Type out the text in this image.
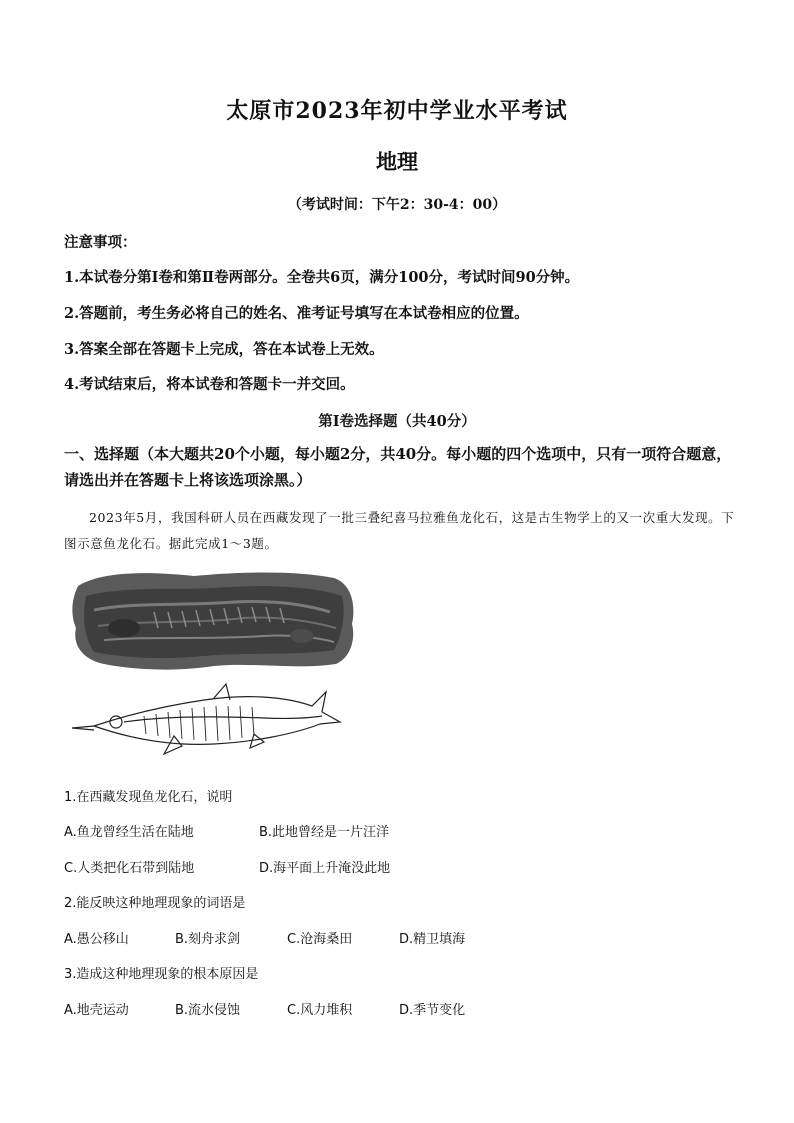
太原市2023年初中学业水平考试
地理
（考试时间：下午2：30-4：00）
注意事项：
1.本试卷分第Ⅰ卷和第Ⅱ卷两部分。全卷共6页，满分100分，考试时间90分钟。
2.答题前，考生务必将自己的姓名、准考证号填写在本试卷相应的位置。
3.答案全部在答题卡上完成，答在本试卷上无效。
4.考试结束后，将本试卷和答题卡一并交回。
第Ⅰ卷选择题（共40分）
一、选择题（本大题共20个小题，每小题2分，共40分。每小题的四个选项中，只有一项符合题意，请选出并在答题卡上将该选项涂黑。）
2023年5月，我国科研人员在西藏发现了一批三叠纪喜马拉雅鱼龙化石，这是古生物学上的又一次重大发现。下图示意鱼龙化石。据此完成1～3题。
1.在西藏发现鱼龙化石，说明
A.鱼龙曾经生活在陆地	B.此地曾经是一片汪洋
C.人类把化石带到陆地	D.海平面上升淹没此地
2.能反映这种地理现象的词语是
A.愚公移山	B.刻舟求剑	C.沧海桑田	D.精卫填海
3.造成这种地理现象的根本原因是
A.地壳运动	B.流水侵蚀	C.风力堆积	D.季节变化
